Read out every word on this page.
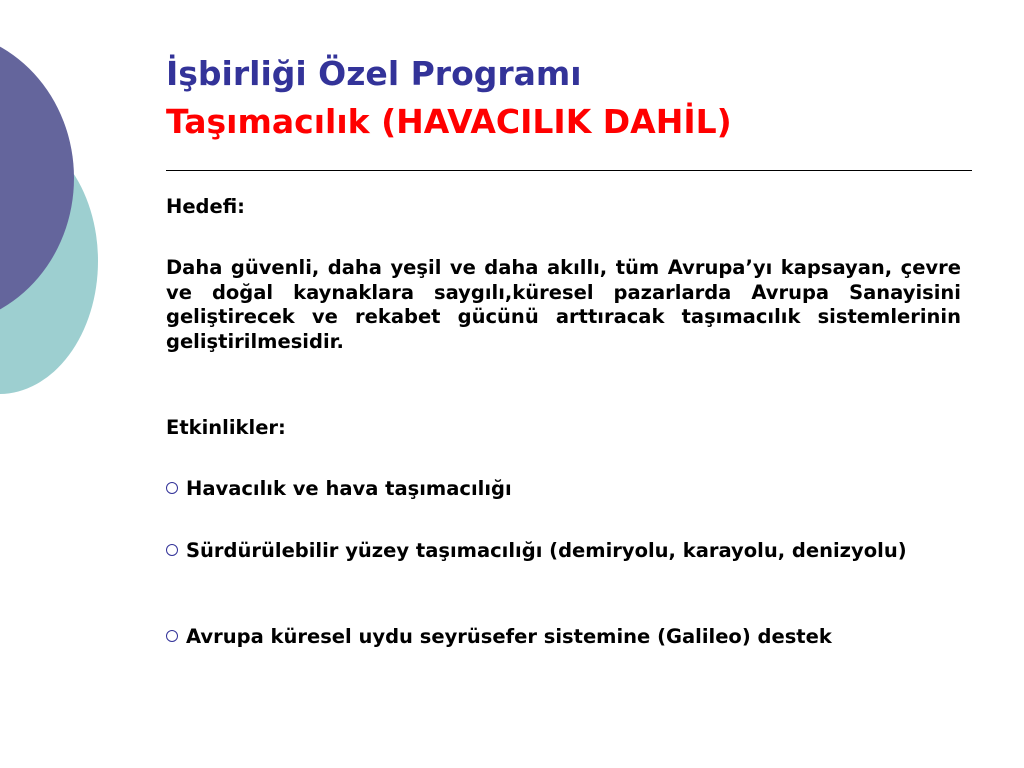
İşbirliği Özel Programı
Taşımacılık (HAVACILIK DAHİL)
Hedefi:
Daha güvenli, daha yeşil ve daha akıllı, tüm Avrupa’yı kapsayan, çevre ve doğal kaynaklara saygılı,küresel pazarlarda Avrupa Sanayisini geliştirecek ve rekabet gücünü arttıracak taşımacılık sistemlerinin geliştirilmesidir.
Etkinlikler:
Havacılık ve hava taşımacılığı
Sürdürülebilir yüzey taşımacılığı (demiryolu, karayolu, denizyolu)
Avrupa küresel uydu seyrüsefer sistemine (Galileo) destek
